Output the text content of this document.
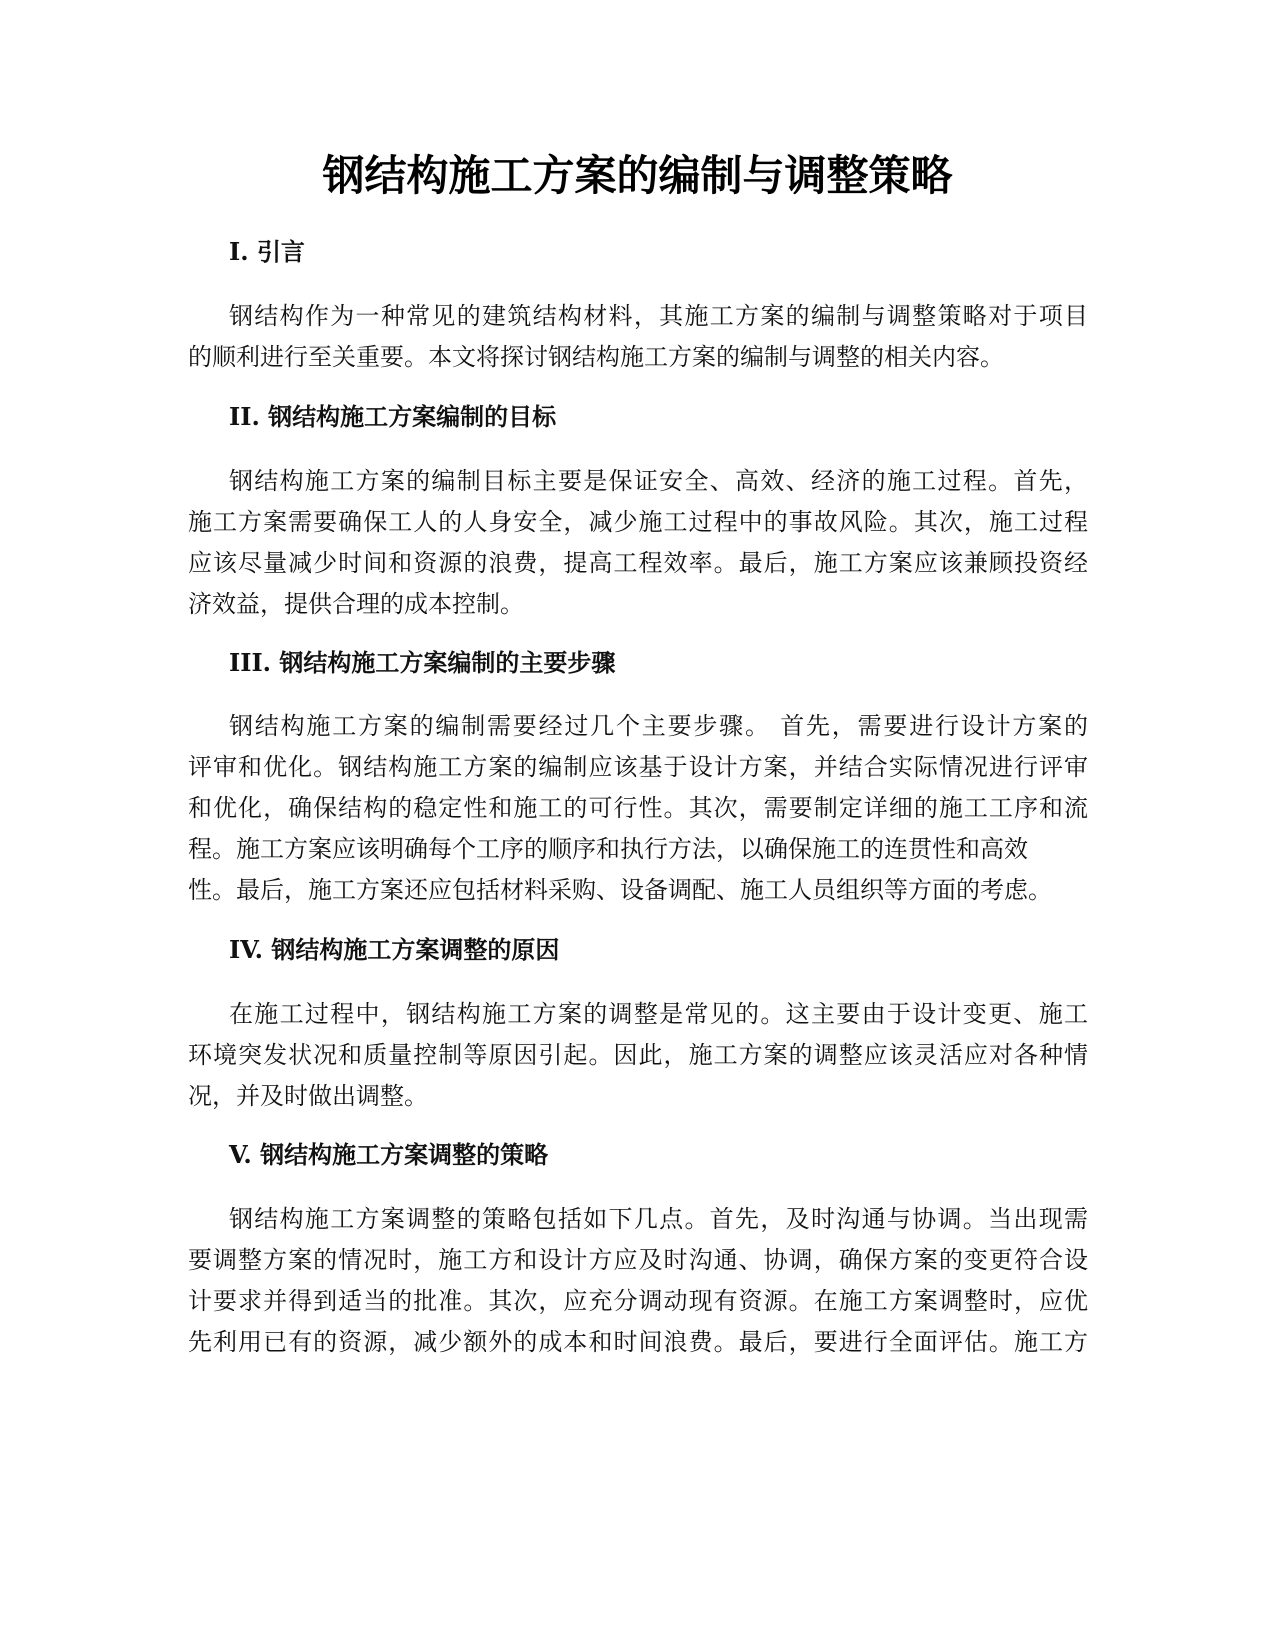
钢结构施工方案的编制与调整策略
I. 引言

钢结构作为一种常见的建筑结构材料，其施工方案的编制与调整策略对于项目
的顺利进行至关重要。本文将探讨钢结构施工方案的编制与调整的相关内容。

II. 钢结构施工方案编制的目标

钢结构施工方案的编制目标主要是保证安全、高效、经济的施工过程。首先，
施工方案需要确保工人的人身安全，减少施工过程中的事故风险。其次，施工过程
应该尽量减少时间和资源的浪费，提高工程效率。最后，施工方案应该兼顾投资经
济效益，提供合理的成本控制。

III. 钢结构施工方案编制的主要步骤

钢结构施工方案的编制需要经过几个主要步骤。 首先，需要进行设计方案的
评审和优化。钢结构施工方案的编制应该基于设计方案，并结合实际情况进行评审
和优化，确保结构的稳定性和施工的可行性。其次，需要制定详细的施工工序和流
程。施工方案应该明确每个工序的顺序和执行方法，以确保施工的连贯性和高效
性。最后，施工方案还应包括材料采购、设备调配、施工人员组织等方面的考虑。

IV. 钢结构施工方案调整的原因

在施工过程中，钢结构施工方案的调整是常见的。这主要由于设计变更、施工
环境突发状况和质量控制等原因引起。因此，施工方案的调整应该灵活应对各种情
况，并及时做出调整。

V. 钢结构施工方案调整的策略

钢结构施工方案调整的策略包括如下几点。首先，及时沟通与协调。当出现需
要调整方案的情况时，施工方和设计方应及时沟通、协调，确保方案的变更符合设
计要求并得到适当的批准。其次，应充分调动现有资源。在施工方案调整时，应优
先利用已有的资源，减少额外的成本和时间浪费。最后，要进行全面评估。施工方
